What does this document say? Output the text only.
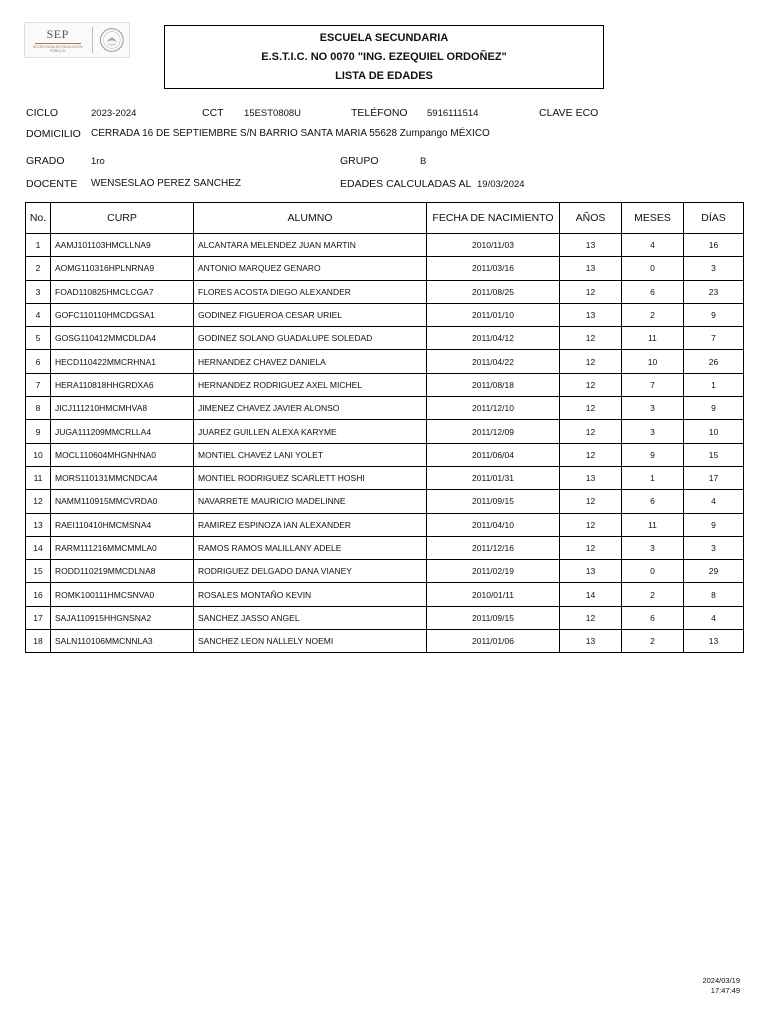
SEP
SECRETARÍA DE EDUCACIÓN PÚBLICA
ESCUELA SECUNDARIA
E.S.T.I.C. NO 0070 "ING. EZEQUIEL ORDOÑEZ"
LISTA DE EDADES
CICLO	2023-2024	CCT 15EST0808U	TELÉFONO 5916111514	CLAVE ECO
DOMICILIO CERRADA 16 DE SEPTIEMBRE S/N BARRIO SANTA MARIA 55628 Zumpango MÉXICO
GRADO	1ro	GRUPO	B
DOCENTE WENSESLAO PEREZ SANCHEZ	EDADES CALCULADAS AL 19/03/2024
No.	CURP	ALUMNO	FECHA DE NACIMIENTO	AÑOS	MESES	DÍAS
1	AAMJ101103HMCLLNA9	ALCANTARA MELENDEZ JUAN MARTIN	2010/11/03	13	4	16
2	AOMG110316HPLNRNA9	ANTONIO MARQUEZ GENARO	2011/03/16	13	0	3
3	FOAD110825HMCLCGA7	FLORES ACOSTA DIEGO ALEXANDER	2011/08/25	12	6	23
4	GOFC110110HMCDGSA1	GODINEZ FIGUEROA CESAR URIEL	2011/01/10	13	2	9
5	GOSG110412MMCDLDA4	GODINEZ SOLANO GUADALUPE SOLEDAD	2011/04/12	12	11	7
6	HECD110422MMCRHNA1	HERNANDEZ CHAVEZ DANIELA	2011/04/22	12	10	26
7	HERA110818HHGRDXA6	HERNANDEZ RODRIGUEZ AXEL MICHEL	2011/08/18	12	7	1
8	JICJ111210HMCMHVA8	JIMENEZ CHAVEZ JAVIER ALONSO	2011/12/10	12	3	9
9	JUGA111209MMCRLLA4	JUAREZ GUILLEN ALEXA KARYME	2011/12/09	12	3	10
10	MOCL110604MHGNHNA0	MONTIEL CHAVEZ LANI YOLET	2011/06/04	12	9	15
11	MORS110131MMCNDCA4	MONTIEL RODRIGUEZ SCARLETT HOSHI	2011/01/31	13	1	17
12	NAMM110915MMCVRDA0	NAVARRETE MAURICIO MADELINNE	2011/09/15	12	6	4
13	RAEI110410HMCMSNA4	RAMIREZ ESPINOZA IAN ALEXANDER	2011/04/10	12	11	9
14	RARM111216MMCMMLA0	RAMOS RAMOS MALILLANY ADELE	2011/12/16	12	3	3
15	RODD110219MMCDLNA8	RODRIGUEZ DELGADO DANA VIANEY	2011/02/19	13	0	29
16	ROMK100111HMCSNVA0	ROSALES MONTAÑO KEVIN	2010/01/11	14	2	8
17	SAJA110915HHGNSNA2	SANCHEZ JASSO ANGEL	2011/09/15	12	6	4
18	SALN110106MMCNNLA3	SANCHEZ LEON NALLELY NOEMI	2011/01/06	13	2	13
2024/03/19
17:47:49
